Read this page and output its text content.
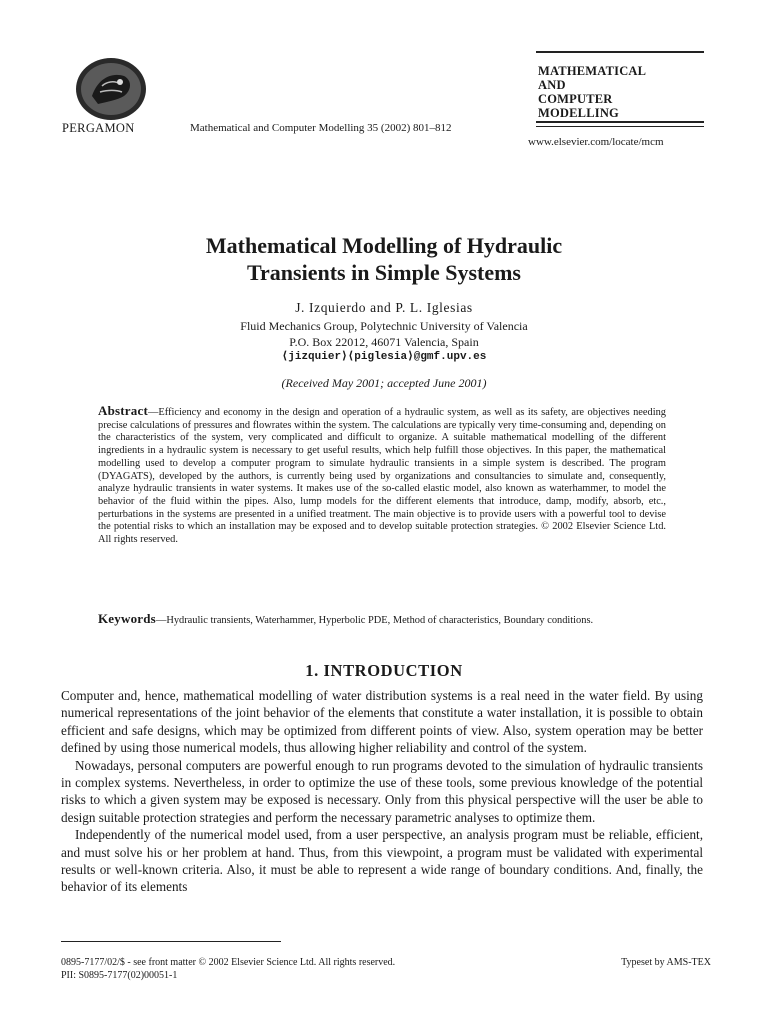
PERGAMON	Mathematical and Computer Modelling 35 (2002) 801–812
MATHEMATICAL
AND
COMPUTER
MODELLING
www.elsevier.com/locate/mcm
Mathematical Modelling of Hydraulic
Transients in Simple Systems
J. Izquierdo and P. L. Iglesias
Fluid Mechanics Group, Polytechnic University of Valencia
P.O. Box 22012, 46071 Valencia, Spain
⟨jizquier⟩⟨piglesia⟩@gmf.upv.es
(Received May 2001; accepted June 2001)
Abstract—Efficiency and economy in the design and operation of a hydraulic system, as well as its safety, are objectives needing precise calculations of pressures and flowrates within the system. The calculations are typically very time-consuming and, depending on the characteristics of the system, very complicated and difficult to organize. A suitable mathematical modelling of the different ingredients in a hydraulic system is necessary to get useful results, which help fulfill those objectives. In this paper, the mathematical modelling used to develop a computer program to simulate hydraulic transients in a simple system is described. The program (DYAGATS), developed by the authors, is currently being used by organizations and consultancies to simulate and, consequently, analyze hydraulic transients in water systems. It makes use of the so-called elastic model, also known as waterhammer, to model the behavior of the fluid within the pipes. Also, lump models for the different elements that introduce, damp, modify, absorb, etc., perturbations in the systems are presented in a unified treatment. The main objective is to provide users with a powerful tool to devise the potential risks to which an installation may be exposed and to develop suitable protection strategies. © 2002 Elsevier Science Ltd. All rights reserved.
Keywords—Hydraulic transients, Waterhammer, Hyperbolic PDE, Method of characteristics, Boundary conditions.
1. INTRODUCTION

Computer and, hence, mathematical modelling of water distribution systems is a real need in the water field. By using numerical representations of the joint behavior of the elements that constitute a water installation, it is possible to obtain efficient and safe designs, which may be optimized from different points of view. Also, system operation may be better defined by using those numerical models, thus allowing higher reliability and control of the system.

Nowadays, personal computers are powerful enough to run programs devoted to the simulation of hydraulic transients in complex systems. Nevertheless, in order to optimize the use of these tools, some previous knowledge of the potential risks to which a given system may be exposed is necessary. Only from this physical perspective will the user be able to design suitable protection strategies and perform the necessary parametric analyses to optimize them.

Independently of the numerical model used, from a user perspective, an analysis program must be reliable, efficient, and must solve his or her problem at hand. Thus, from this viewpoint, a program must be validated with experimental results or well-known criteria. Also, it must be able to represent a wide range of boundary conditions. And, finally, the behavior of its elements

0895-7177/02/$ - see front matter © 2002 Elsevier Science Ltd. All rights reserved.	Typeset by AMS-TEX
PII: S0895-7177(02)00051-1
